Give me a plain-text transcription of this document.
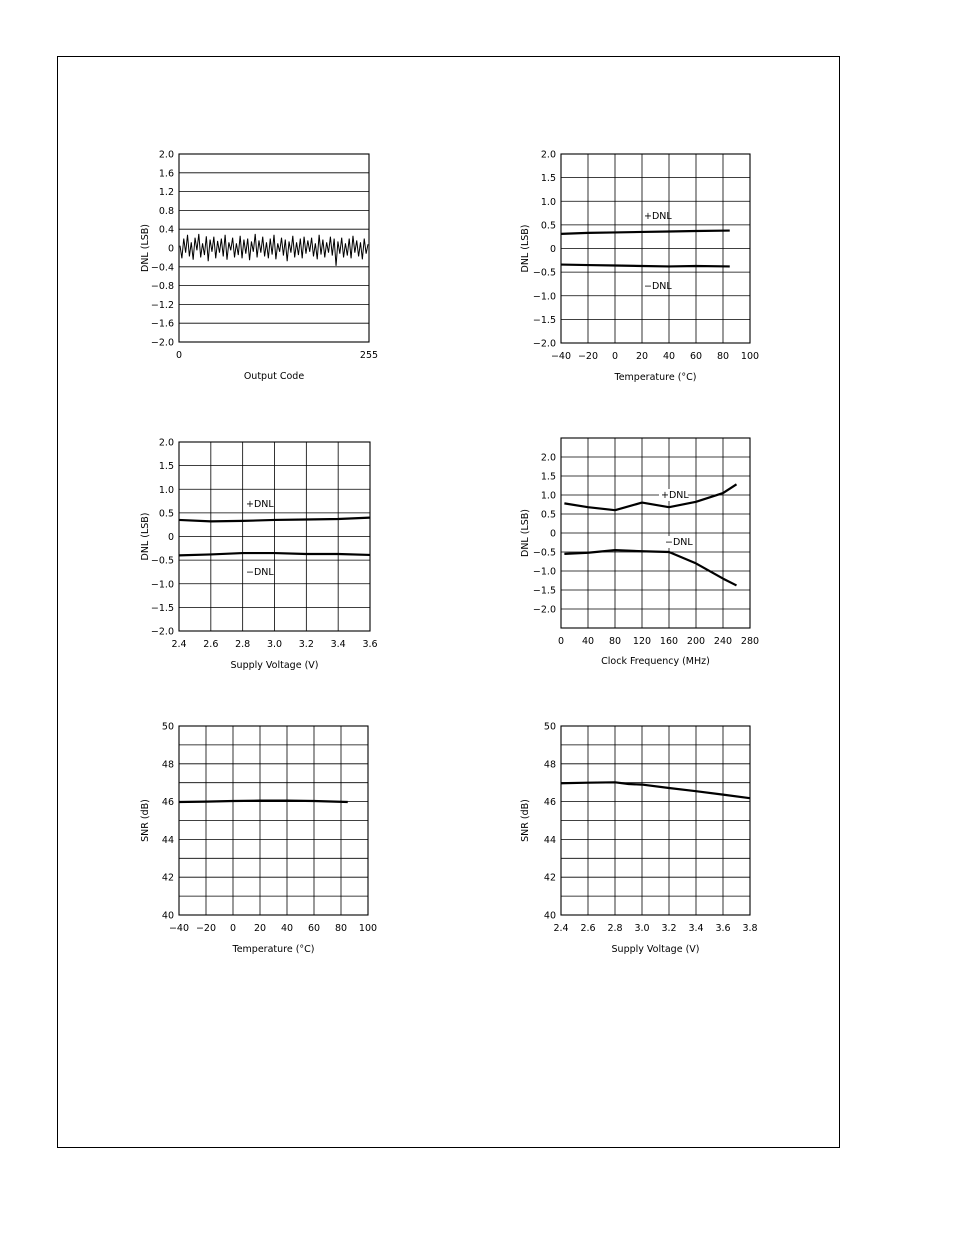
2.0
1.6
1.2
0.8
0.4
0
−0.4
−0.8
−1.2
−1.6
−2.0
0	255
Output Code
DNL (LSB)
2.0
1.5
1.0
0.5
0
−0.5
−1.0
−1.5
−2.0
−40 −20 0 20 40 60 80 100
Temperature (°C)
DNL (LSB)
+DNL
−DNL
2.0
1.5
1.0
0.5
0
−0.5
−1.0
−1.5
−2.0
2.4 2.6 2.8 3.0 3.2 3.4 3.6
Supply Voltage (V)
DNL (LSB)
+DNL
−DNL
2.0
1.5
1.0
0.5
0
−0.5
−1.0
−1.5
−2.0
0 40 80 120 160 200 240 280
Clock Frequency (MHz)
DNL (LSB)
+DNL
−DNL
50
48
46
44
42
40
−40 −20 0 20 40 60 80 100
Temperature (°C)
SNR (dB)
50
48
46
44
42
40
2.4 2.6 2.8 3.0 3.2 3.4 3.6 3.8
Supply Voltage (V)
SNR (dB)
